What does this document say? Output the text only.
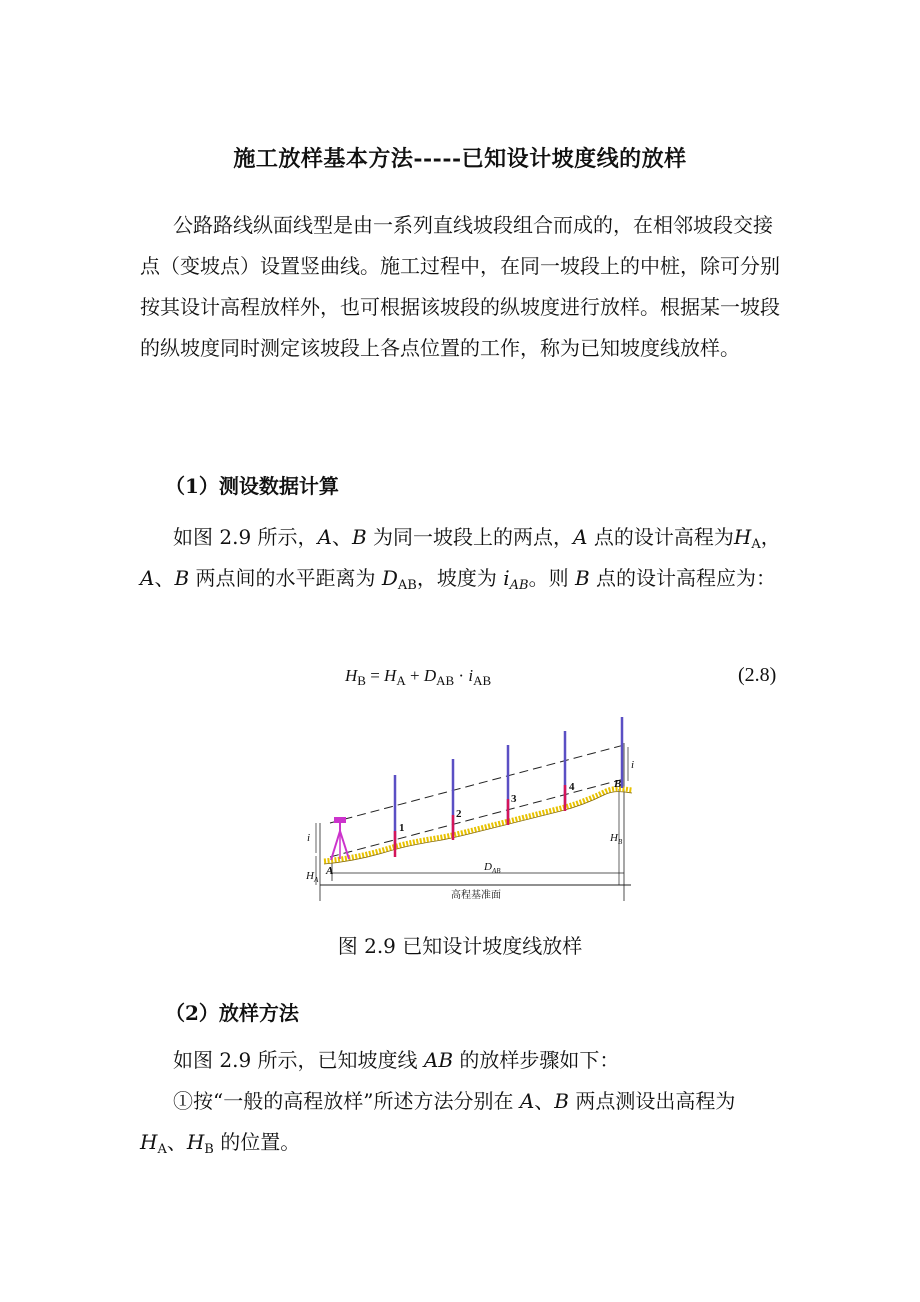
施工放样基本方法-----已知设计坡度线的放样
公路路线纵面线型是由一系列直线坡段组合而成的，在相邻坡段交接点（变坡点）设置竖曲线。施工过程中，在同一坡段上的中桩，除可分别按其设计高程放样外，也可根据该坡段的纵坡度进行放样。根据某一坡段的纵坡度同时测定该坡段上各点位置的工作，称为已知坡度线放样。
（1）测设数据计算
如图 2.9 所示，A、B 为同一坡段上的两点，A 点的设计高程为$H_A$，A、B 两点间的水平距离为 $D_{AB}$，坡度为 $i_{AB}$。则 B 点的设计高程应为：
$H_B = H_A + D_{AB} \cdot i_{AB}$	(2.8)
1
2
3
4
A
B
i
i
$H_A$
$H_B$
$D_{AB}$
高程基准面
图 2.9 已知设计坡度线放样
（2）放样方法
如图 2.9 所示，已知坡度线 AB 的放样步骤如下：
①按“一般的高程放样”所述方法分别在 A、B 两点测设出高程为 $H_A$、$H_B$ 的位置。
